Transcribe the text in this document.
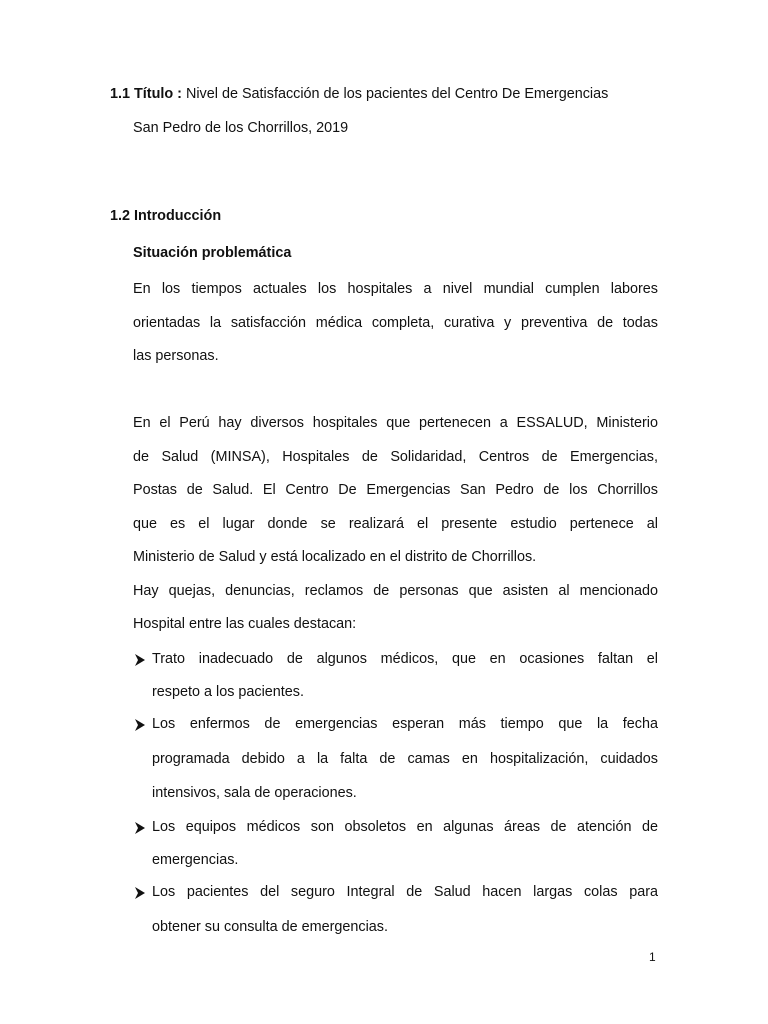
1.1 Título : Nivel de Satisfacción de los pacientes del Centro De Emergencias
San Pedro de los Chorrillos, 2019
1.2 Introducción
Situación problemática
En los tiempos actuales los hospitales a nivel mundial cumplen labores
orientadas la satisfacción médica completa, curativa y preventiva de todas
las personas.
En el Perú hay diversos hospitales que pertenecen a ESSALUD, Ministerio
de Salud (MINSA), Hospitales de Solidaridad, Centros de Emergencias,
Postas de Salud. El Centro De Emergencias San Pedro de los Chorrillos
que es el lugar donde se realizará el presente estudio pertenece al
Ministerio de Salud y está localizado en el distrito de Chorrillos.
Hay quejas, denuncias, reclamos de personas que asisten al mencionado
Hospital entre las cuales destacan:
Trato inadecuado de algunos médicos, que en ocasiones faltan el
respeto a los pacientes.
Los enfermos de emergencias esperan más tiempo que la fecha
programada debido a la falta de camas en hospitalización, cuidados
intensivos, sala de operaciones.
Los equipos médicos son obsoletos en algunas áreas de atención de
emergencias.
Los pacientes del seguro Integral de Salud hacen largas colas para
obtener su consulta de emergencias.
1
